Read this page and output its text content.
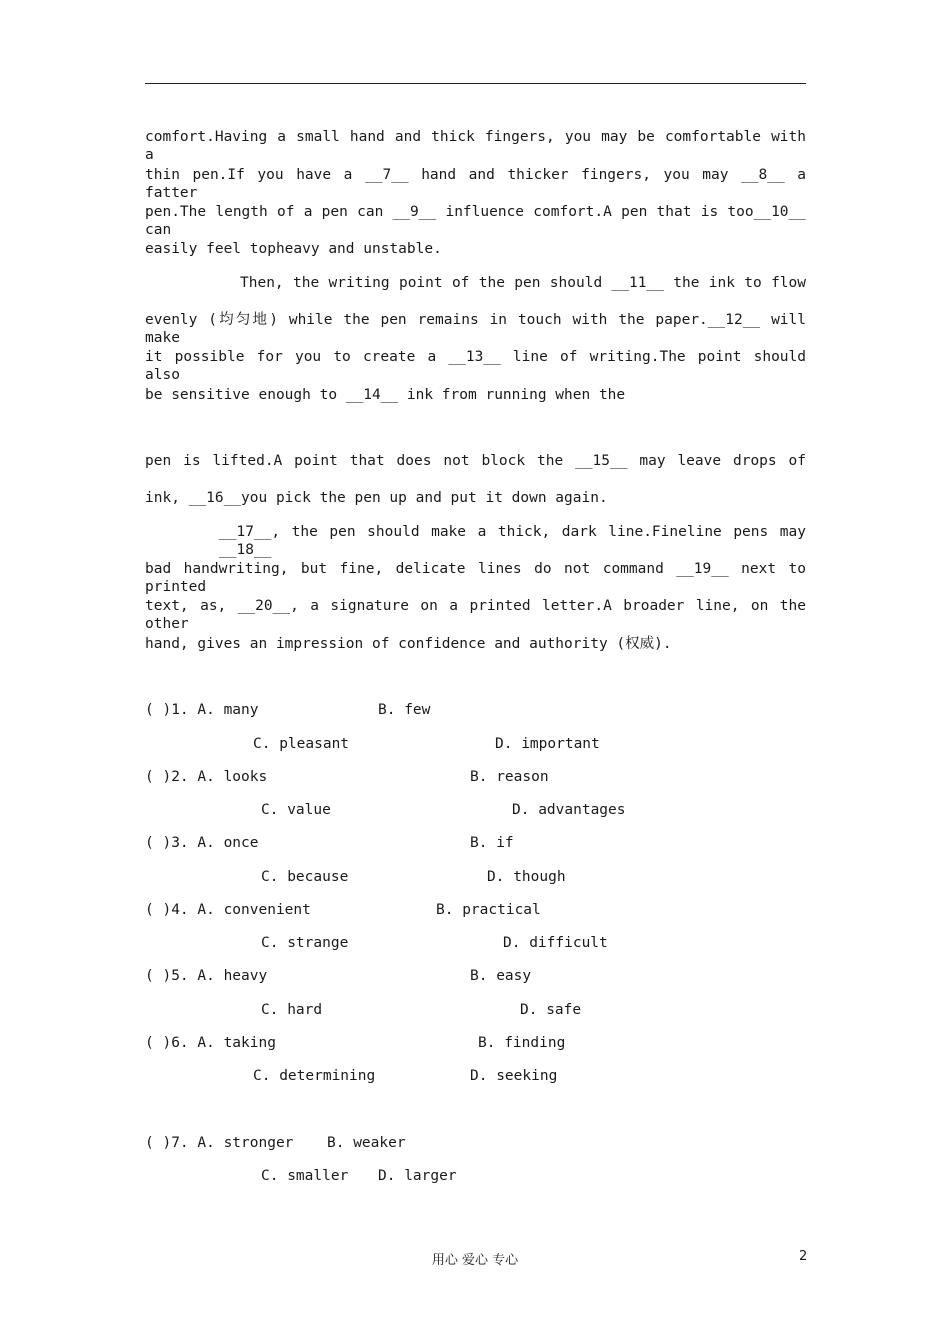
comfort.Having a small hand and thick fingers, you may be comfortable with a
thin pen.If you have a __7__ hand and thicker fingers, you may __8__ a fatter
pen.The length of a pen can __9__ influence comfort.A pen that is too__10__ can
easily feel topheavy and unstable.
Then, the writing point of the pen should __11__ the ink to flow
evenly (均匀地) while the pen remains in touch with the paper.__12__ will make
it possible for you to create a __13__ line of writing.The point should also
be sensitive enough to __14__ ink from running when the
pen is lifted.A point that does not block the __15__ may leave drops of
ink, __16__you pick the pen up and put it down again.
__17__, the pen should make a thick, dark line.Fineline pens may __18__
bad handwriting, but fine, delicate lines do not command __19__ next to printed
text, as, __20__, a signature on a printed letter.A broader line, on the other
hand, gives an impression of confidence and authority (权威).
( )1. A. many	B. few
C. pleasant	D. important
( )2. A. looks	B. reason
C. value	D. advantages
( )3. A. once	B. if
C. because	D. though
( )4. A. convenient	B. practical
C. strange	D. difficult
( )5. A. heavy	B. easy
C. hard	D. safe
( )6. A. taking	B. finding
C. determining	D. seeking
( )7. A. stronger B. weaker
C. smaller D. larger
用心 爱心 专心	2
